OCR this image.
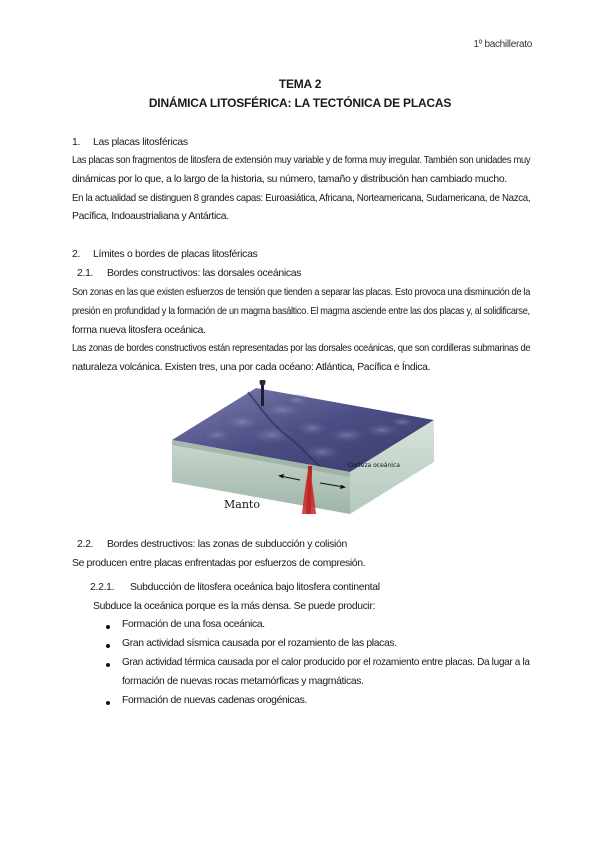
1º bachillerato
TEMA 2
DINÁMICA LITOSFÉRICA: LA TECTÓNICA DE PLACAS
1. Las placas litosféricas
Las placas son fragmentos de litosfera de extensión muy variable y de forma muy irregular. También son unidades muy
dinámicas por lo que, a lo largo de la historia, su número, tamaño y distribución han cambiado mucho.
En la actualidad se distinguen 8 grandes capas: Euroasiática, Africana, Norteamericana, Sudamericana, de Nazca,
Pacífica, Indoaustrialiana y Antártica.
2. Límites o bordes de placas litosféricas
2.1. Bordes constructivos: las dorsales oceánicas
Son zonas en las que existen esfuerzos de tensión que tienden a separar las placas. Esto provoca una disminución de la
presión en profundidad y la formación de un magma basáltico. El magma asciende entre las dos placas y, al solidificarse,
forma nueva litosfera oceánica.
Las zonas de bordes constructivos están representadas por las dorsales oceánicas, que son cordilleras submarinas de
naturaleza volcánica. Existen tres, una por cada océano: Atlántica, Pacífica e Índica.
Manto
Corteza oceánica
2.2. Bordes destructivos: las zonas de subducción y colisión
Se producen entre placas enfrentadas por esfuerzos de compresión.
2.2.1. Subducción de litosfera oceánica bajo litosfera continental
Subduce la oceánica porque es la más densa. Se puede producir:
Formación de una fosa oceánica.
Gran actividad sísmica causada por el rozamiento de las placas.
Gran actividad térmica causada por el calor producido por el rozamiento entre placas. Da lugar a la
formación de nuevas rocas metamórficas y magmáticas.
Formación de nuevas cadenas orogénicas.
